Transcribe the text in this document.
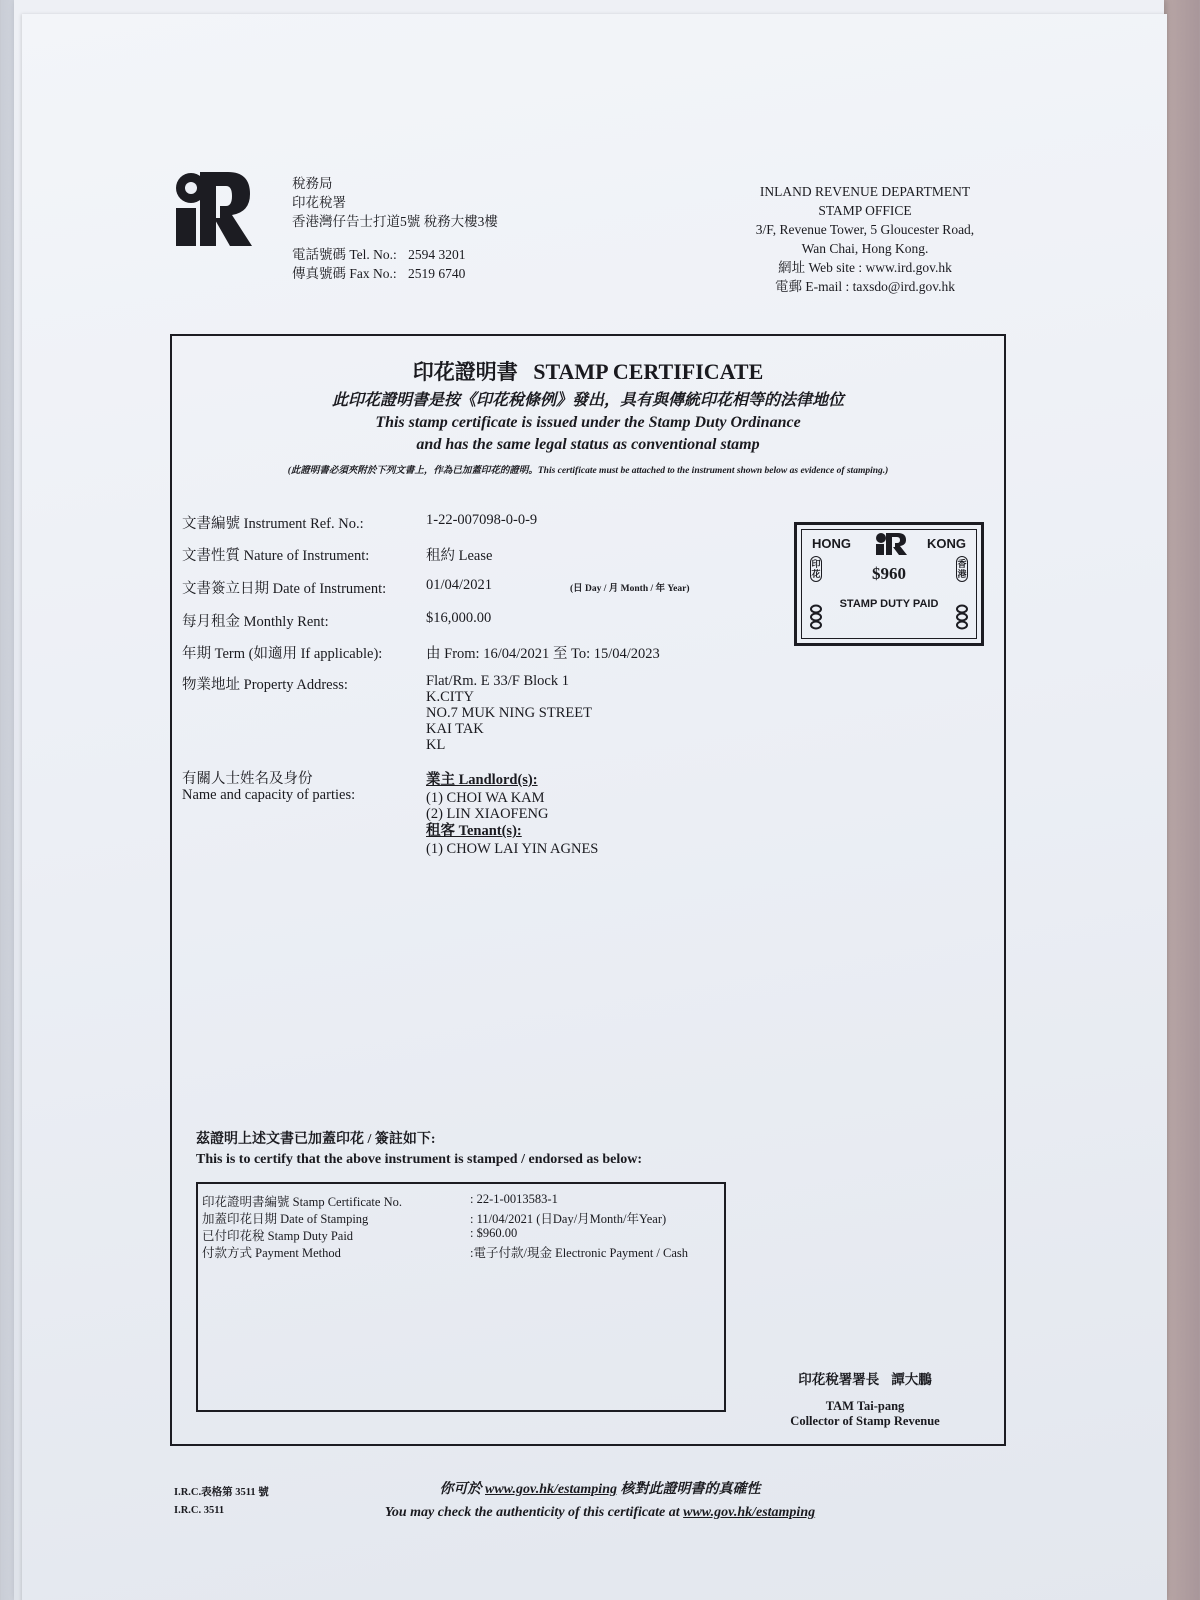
稅務局
印花稅署
香港灣仔告士打道5號 稅務大樓3樓
電話號碼 Tel. No.: 2594 3201
傳真號碼 Fax No.: 2519 6740
INLAND REVENUE DEPARTMENT
STAMP OFFICE
3/F, Revenue Tower, 5 Gloucester Road,
Wan Chai, Hong Kong.
網址 Web site : www.ird.gov.hk
電郵 E-mail : taxsdo@ird.gov.hk
印花證明書 STAMP CERTIFICATE
此印花證明書是按《印花稅條例》發出，具有與傳統印花相等的法律地位
This stamp certificate is issued under the Stamp Duty Ordinance
and has the same legal status as conventional stamp
(此證明書必須夾附於下列文書上，作為已加蓋印花的證明。This certificate must be attached to the instrument shown below as evidence of stamping.)
文書編號 Instrument Ref. No.:	1-22-007098-0-0-9
文書性質 Nature of Instrument:	租約 Lease
文書簽立日期 Date of Instrument:	01/04/2021	(日 Day / 月 Month / 年 Year)
每月租金 Monthly Rent:	$16,000.00
年期 Term (如適用 If applicable):	由 From: 16/04/2021 至 To: 15/04/2023
物業地址 Property Address:	Flat/Rm. E 33/F Block 1
K.CITY
NO.7 MUK NING STREET
KAI TAK
KL
有關人士姓名及身份
Name and capacity of parties:
業主 Landlord(s):
(1) CHOI WA KAM
(2) LIN XIAOFENG
租客 Tenant(s):
(1) CHOW LAI YIN AGNES
HONG	KONG
印花
香港
$960
STAMP DUTY PAID
茲證明上述文書已加蓋印花 / 簽註如下:
This is to certify that the above instrument is stamped / endorsed as below:
印花證明書編號 Stamp Certificate No.	: 22-1-0013583-1
加蓋印花日期 Date of Stamping	: 11/04/2021 (日Day/月Month/年Year)
已付印花稅 Stamp Duty Paid	: $960.00
付款方式 Payment Method	:電子付款/現金 Electronic Payment / Cash
印花稅署署長 譚大鵬
TAM Tai-pang
Collector of Stamp Revenue
I.R.C.表格第 3511 號
I.R.C. 3511
你可於 www.gov.hk/estamping 核對此證明書的真確性
You may check the authenticity of this certificate at www.gov.hk/estamping
